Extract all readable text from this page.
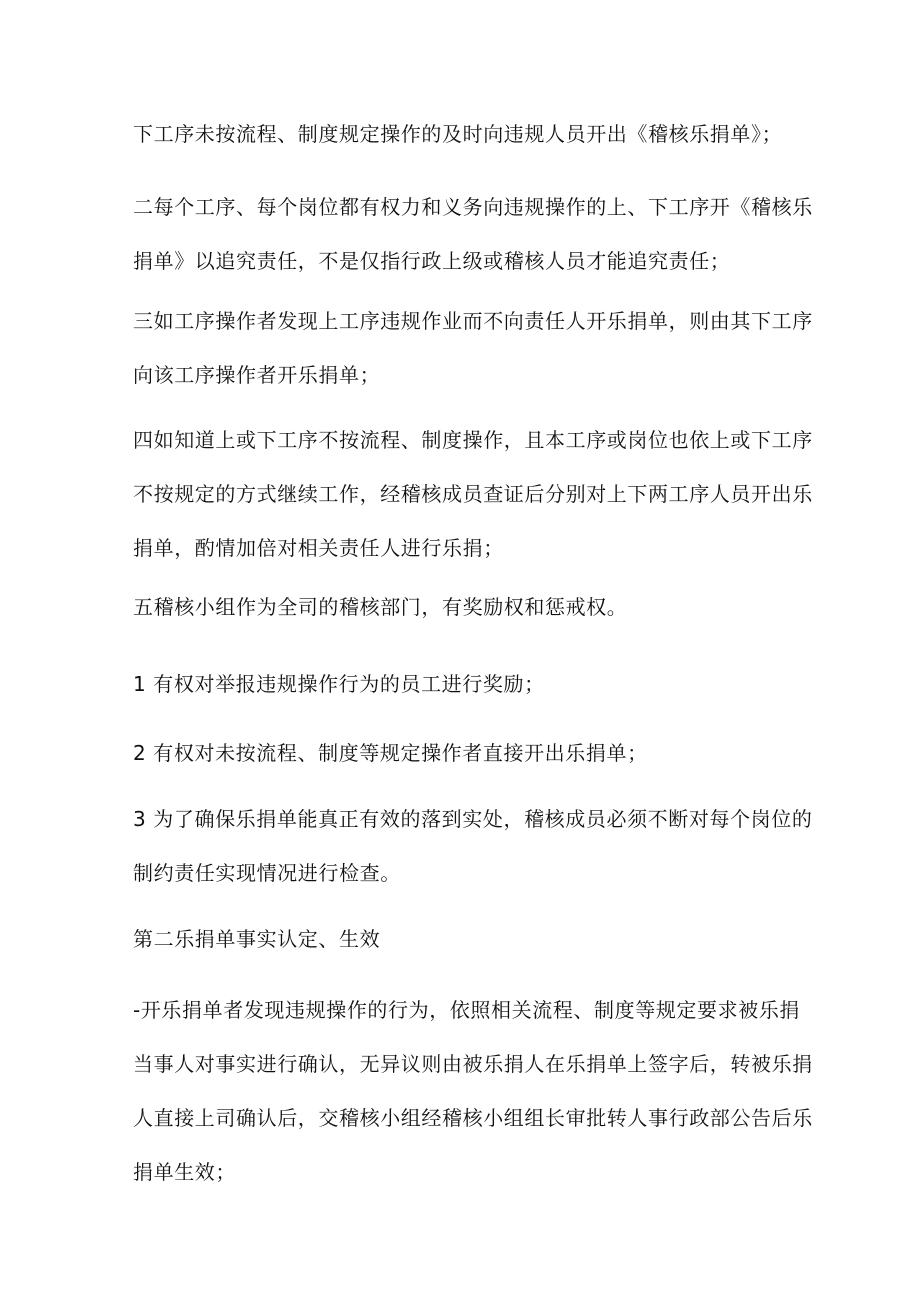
下工序未按流程、制度规定操作的及时向违规人员开出《稽核乐捐单》；

二每个工序、每个岗位都有权力和义务向违规操作的上、下工序开《稽核乐
捐单》以追究责任，不是仅指行政上级或稽核人员才能追究责任；

三如工序操作者发现上工序违规作业而不向责任人开乐捐单，则由其下工序
向该工序操作者开乐捐单；

四如知道上或下工序不按流程、制度操作，且本工序或岗位也依上或下工序
不按规定的方式继续工作，经稽核成员查证后分别对上下两工序人员开出乐
捐单，酌情加倍对相关责任人进行乐捐；

五稽核小组作为全司的稽核部门，有奖励权和惩戒权。

1 有权对举报违规操作行为的员工进行奖励；

2 有权对未按流程、制度等规定操作者直接开出乐捐单；

3 为了确保乐捐单能真正有效的落到实处，稽核成员必须不断对每个岗位的
制约责任实现情况进行检查。

第二乐捐单事实认定、生效

-开乐捐单者发现违规操作的行为，依照相关流程、制度等规定要求被乐捐
当事人对事实进行确认，无异议则由被乐捐人在乐捐单上签字后，转被乐捐
人直接上司确认后，交稽核小组经稽核小组组长审批转人事行政部公告后乐
捐单生效；
